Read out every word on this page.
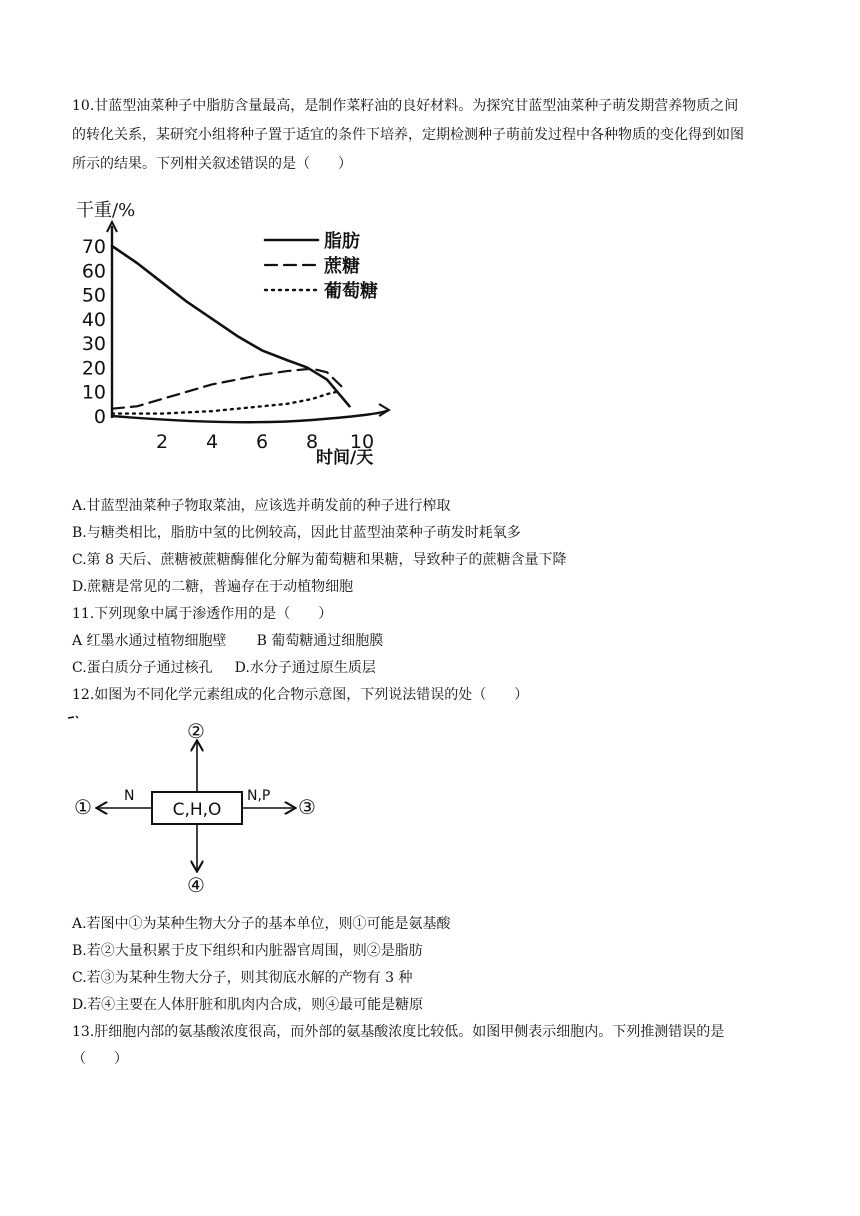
10.甘蓝型油菜种子中脂肪含量最高，是制作菜籽油的良好材料。为探究甘蓝型油菜种子萌发期营养物质之间
的转化关系，某研究小组将种子置于适宜的条件下培养，定期检测种子萌前发过程中各种物质的变化得到如图
所示的结果。下列柑关叙述错误的是（　　）
0
10
20
30
40
50
60
70
2 4 6 8 10
脂肪
蔗糖
葡萄糖
干重/%
时间/天
A.甘蓝型油菜种子物取菜油，应该选并萌发前的种子进行榨取
B.与糖类相比，脂肪中氢的比例较高，因此甘蓝型油菜种子萌发时耗氧多
C.第 8 天后、蔗糖被蔗糖酶催化分解为葡萄糖和果糖，导致种子的蔗糖含量下降
D.蔗糖是常见的二糖，普遍存在于动植物细胞
11.下列现象中属于渗透作用的是（　　）
A 红墨水通过植物细胞壁 B 葡萄糖通过细胞膜
C.蛋白质分子通过核孔 D.水分子通过原生质层
12.如图为不同化学元素组成的化合物示意图，下列说法错误的处（　　）
C,H,O
N	N,P
①
②
③
④
A.若图中①为某种生物大分子的基本单位，则①可能是氨基酸
B.若②大量积累于皮下组织和内脏器官周围，则②是脂肪
C.若③为某种生物大分子，则其彻底水解的产物有 3 种
D.若④主要在人体肝脏和肌肉内合成，则④最可能是糖原
13.肝细胞内部的氨基酸浓度很高，而外部的氨基酸浓度比较低。如图甲侧表示细胞内。下列推测错误的是
（　　）
